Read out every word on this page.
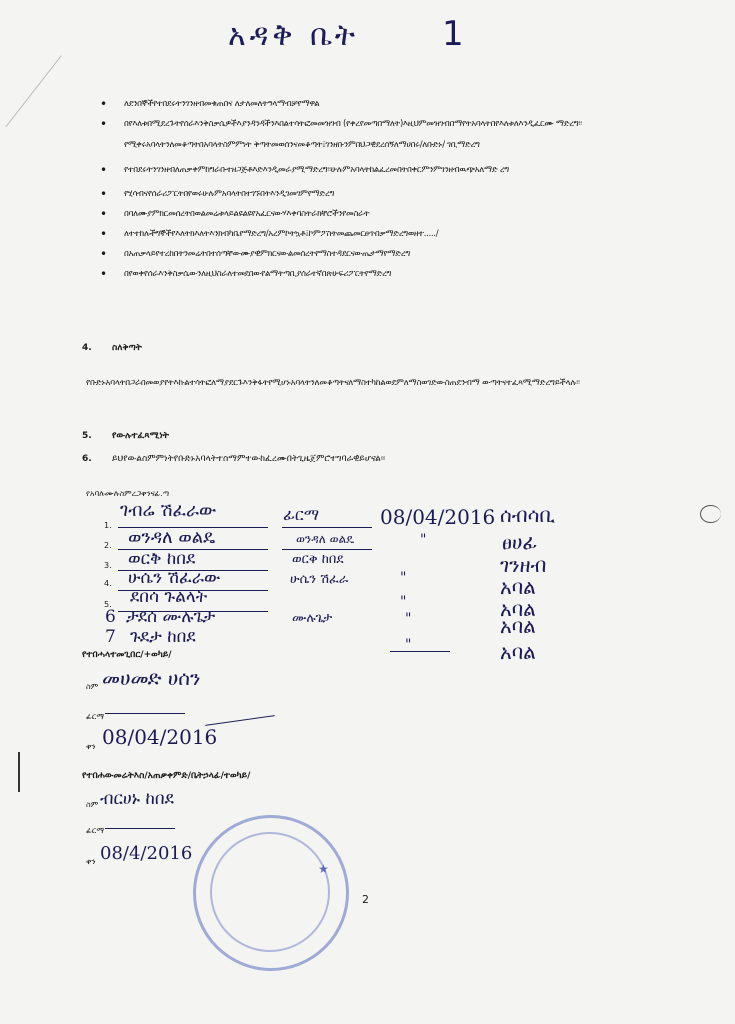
አዳቅ ቤት 1
• ለደንበኞችየተበደሩትንገንዘብመቁጠበና ለታለመለትዓላማብቻየማዋል
• በየእለቱበሚደረጉትየሰራእንቅስቃሴዎችእያንዳንዳችንእበልተሳትፎመመዝገብ (የቀረየመጣበማለት)እዚህምመዝገብበማየትአባላትበየእለቱለእንዲፈርሙ ማድረግ፡፡የሚቀሩአባላትንለመቆጣትበአባላትስምምነት ቅጣትመወሰንናመቆጣት፤ገንዘቡንምበህጋዊደረሰኝለማሀበሩ/ለቡድኑ/ ገቢማድረግ
• የተበደሩትንገንዘብለጠቃቀምከግራቡተዘጋጅቶእድእንዲመራያሚማድረግ፡፡ሁሉምአባላትከልፈረመበትበቀርምንምገንዘብዉጭአለማድ ረግ
• የሂሳብናየሰራሪፖርትበየወሩሁሉምአባላትበተገኙበትእንዲገመገምየማድረግ
• በባለሙያምክርመሰረትበወልመሬቱላይልዩልዩየአፈርናውሃእቀባስትራክቸሮችንየመስራት
• ለተተከሉችግኞችየእለትክእለትእንክብካቤየማድረግ/አረምኮትኳቶ፤ኮምፖስትመጨመርፀጥበቃማድረግወዘተ...../
• በአጠቃላይየተረከበትንመሬትበተሰጣቸውሙያዊምክርናውልመሰረትየማስተዳደርናውጤታማየማድረግ
• በየወቀየሰራእንቅስቃሴውንለዚህስራለተመደበውየልማትጣቢያሰራተኛበጽሁፍሪፖርትየማድረግ
4. ስለቅጣት
የቡድኑአባላትበጋራበመወያየትእኩልተሳትፎለማያደርጉእንቅፋትየሚሆኑአባላትንለመቆጣትናለማስተካከልወደምለማስወገድውስጠደንብማ ውጣትናተፈጻሚማድረግይችላሉ፡፡
5. የውሉተፈጻሚነት
6. ይህየውልስምምነትየቡድኑአባላትተስማምተውከፈረሙበትጊዜጀምሮተግባራዊይሆናል፡፡
የአባሉሙሉስምረጋቀንናፊ.ጣ
1.
ገብሬ ሽፈራው	ፊርማ	08/04/2016 ሰብሳቢ
2. ወንዳለ ወልዴ	ወንዳለ ወልዴ	"	ፀሀፊ
3. ወርቅ ከበደ	ወርቅ ከበደ	ገንዘብ
4. ሁሴን ሽፈራው	ሁሴን ሽፈራ	"	አባል
5. ደበሳ ጉልላት	"	አባል
6 ታደሰ ሙሉጌታ	ሙሉጌታ	"	አባል
7 ጉደታ ከበደ	"	አባል
የተበሓላተመጊበር/+ወካይ/
ስም መሀመድ ሀሰን
ፊርማ
ቀን 08/04/2016
የተበሐውመሬትእስ/አጠቃቀምድ/ቤትኃላፊ/ተወካይ/
ስም ብርሀኑ ከበደ
ፊርማ
ቀን 08/4/2016
★
2
